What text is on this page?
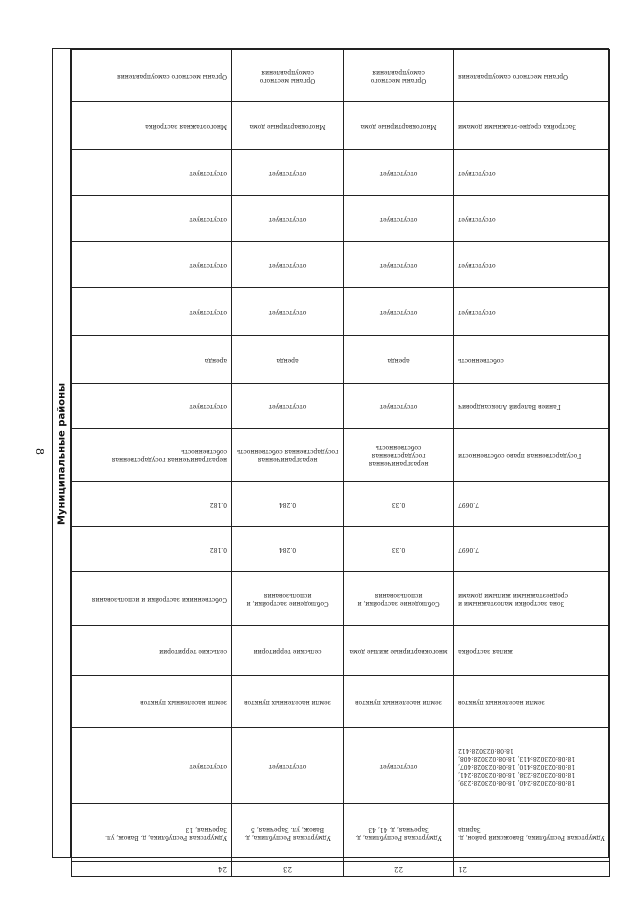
8 Муниципальные районы
Органы местного самоуправления	Органы местного самоуправления	Органы местного самоуправления	Органы местного самоуправления

Многоэтажная застройка	Многоквартирные дома	Многоквартирные дома	Застройка средне-этажными домами

отсутствует	отсутствует	отсутствует	отсутствует

отсутствует	отсутствует	отсутствует	отсутствует

отсутствует	отсутствует	отсутствует	отсутствует

отсутствует	отсутствует	отсутствует	отсутствует

аренда	аренда	аренда	собственность

отсутствует	отсутствует	отсутствует	Ганиев Валерий Александрович

неразграниченная государственная собственность	неразграниченная государственная собственность	неразграниченная государственная собственность	Государственная право собственности

0.182	0.284	0.33	7.0697

0.182	0.284	0.33	7.0697

Собственники застройки и использования	Соблюдение застройки, и использования	Соблюдение застройки, и использования	Зона застройки малоэтажными и среднеэтажными жилыми домами

сельские территории	сельские территории	многоквартирные жилые дома	жилая застройка

земли населенных пунктов	земли населенных пунктов	земли населенных пунктов	земли населенных пунктов

отсутствует	отсутствует	отсутствует	18:08:023028:240, 18:08:023028:239, 18:08:023028:238, 18:08:023028:241, 18:08:023028:410, 18:08:023028:407, 18:08:023028:413, 18:08:023028:408, 18:08:023028:412

Удмуртская Республика, д. Вавож, ул. Заречная, 13	Удмуртская Республика, д. Вавож, ул. Заречная, 5	Удмуртская Республика, д. Заречная, д. 41, 43	Удмуртская Республика, Вавожский район, д. Зарица

24	23	22	21
